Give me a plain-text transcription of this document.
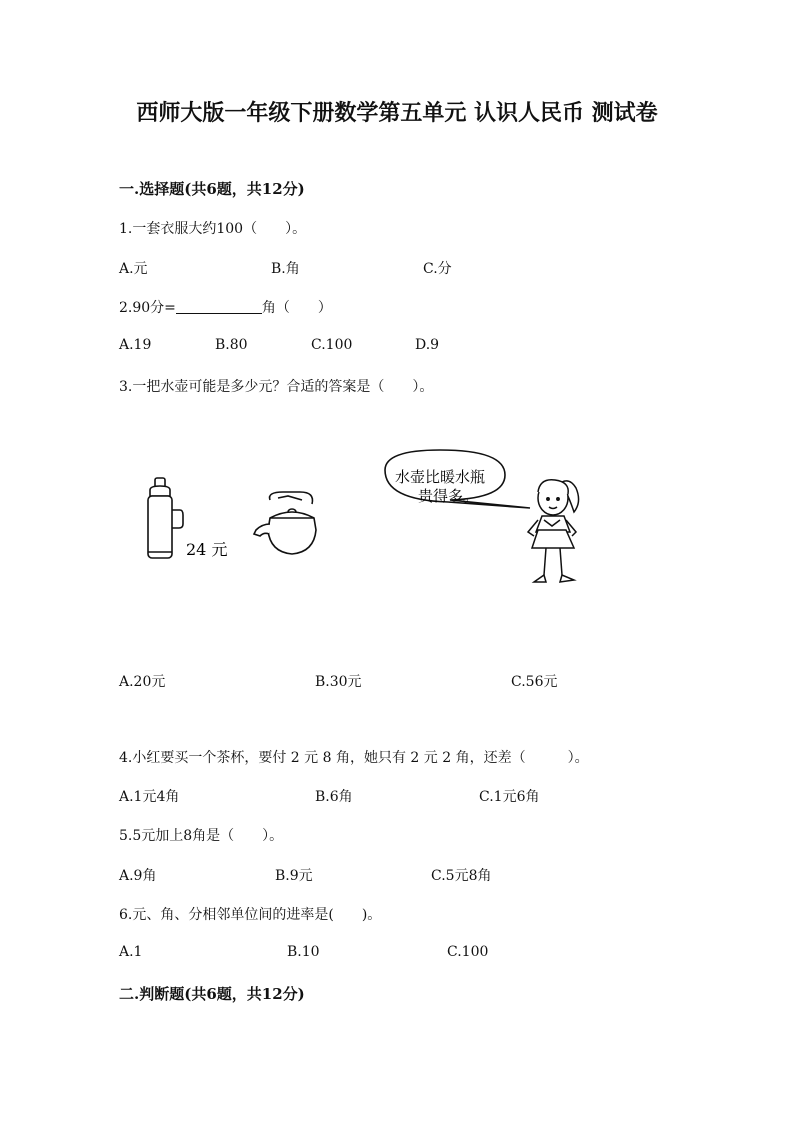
西师大版一年级下册数学第五单元 认识人民币 测试卷
一.选择题(共6题，共12分)
1.一套衣服大约100（　　）。
A.元	B.角	C.分
2.90分=	角（　　）
A.19	B.80	C.100	D.9
3.一把水壶可能是多少元？合适的答案是（　　）。
24 元
水壶比暖水瓶
贵得多。
A.20元	B.30元	C.56元
4.小红要买一个茶杯，要付 2 元 8 角，她只有 2 元 2 角，还差（　　　）。
A.1元4角	B.6角	C.1元6角
5.5元加上8角是（　　）。
A.9角	B.9元	C.5元8角
6.元、角、分相邻单位间的进率是(　　)。
A.1	B.10	C.100
二.判断题(共6题，共12分)
